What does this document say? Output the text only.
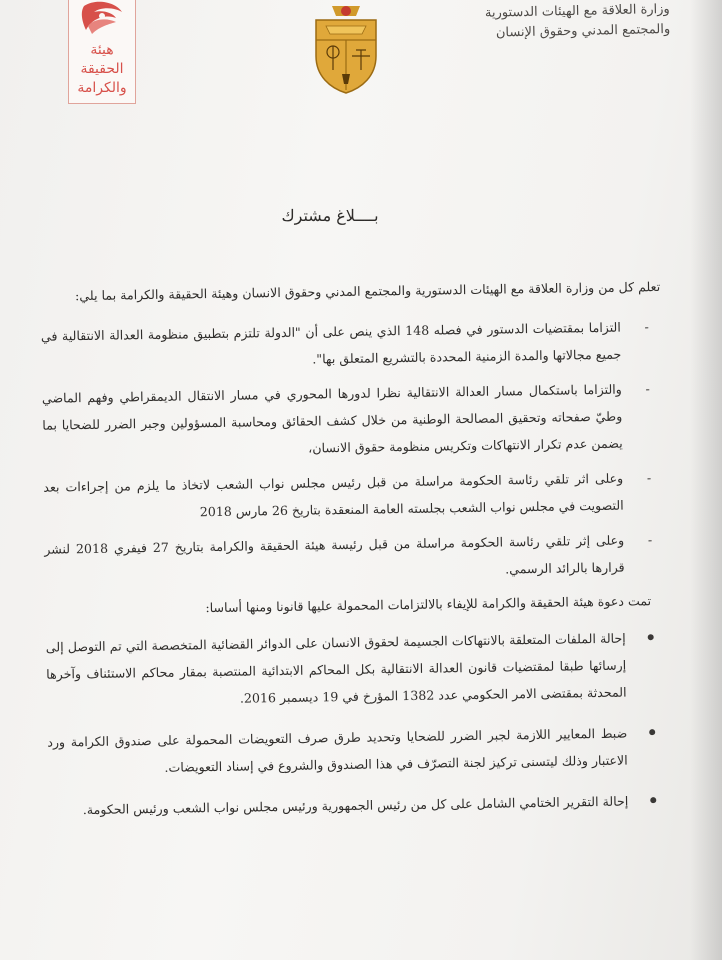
هيئة
الحقيقة
والكرامة
وزارة العلاقة مع الهيئات الدستورية
والمجتمع المدني وحقوق الإنسان
بــــلاغ مشترك

تعلم كل من وزارة العلاقة مع الهيئات الدستورية والمجتمع المدني وحقوق الانسان وهيئة الحقيقة والكرامة بما يلي:

-
التزاما بمقتضيات الدستور في فصله 148 الذي ينص على أن "الدولة تلتزم بتطبيق منظومة العدالة الانتقالية في جميع مجالاتها والمدة الزمنية المحددة بالتشريع المتعلق بها".
-
والتزاما باستكمال مسار العدالة الانتقالية نظرا لدورها المحوري في مسار الانتقال الديمقراطي وفهم الماضي وطيّ صفحاته وتحقيق المصالحة الوطنية من خلال كشف الحقائق ومحاسبة المسؤولين وجبر الضرر للضحايا بما يضمن عدم تكرار الانتهاكات وتكريس منظومة حقوق الانسان،
-
وعلى اثر تلقي رئاسة الحكومة مراسلة من قبل رئيس مجلس نواب الشعب لاتخاذ ما يلزم من إجراءات بعد التصويت في مجلس نواب الشعب بجلسته العامة المنعقدة بتاريخ 26 مارس 2018
-
وعلى إثر تلقي رئاسة الحكومة مراسلة من قبل رئيسة هيئة الحقيقة والكرامة بتاريخ 27 فيفري 2018 لنشر قرارها بالرائد الرسمي.

تمت دعوة هيئة الحقيقة والكرامة للإيفاء بالالتزامات المحمولة عليها قانونا ومنها أساسا:

إحالة الملفات المتعلقة بالانتهاكات الجسيمة لحقوق الانسان على الدوائر القضائية المتخصصة التي تم التوصل إلى إرسائها طبقا لمقتضيات قانون العدالة الانتقالية بكل المحاكم الابتدائية المنتصبة بمقار محاكم الاستئناف وآخرها المحدثة بمقتضى الامر الحكومي عدد 1382 المؤرخ في 19 ديسمبر 2016.
ضبط المعايير اللازمة لجبر الضرر للضحايا وتحديد طرق صرف التعويضات المحمولة على صندوق الكرامة ورد الاعتبار وذلك ليتسنى تركيز لجنة التصرّف في هذا الصندوق والشروع في إسناد التعويضات.
إحالة التقرير الختامي الشامل على كل من رئيس الجمهورية ورئيس مجلس نواب الشعب ورئيس الحكومة.
